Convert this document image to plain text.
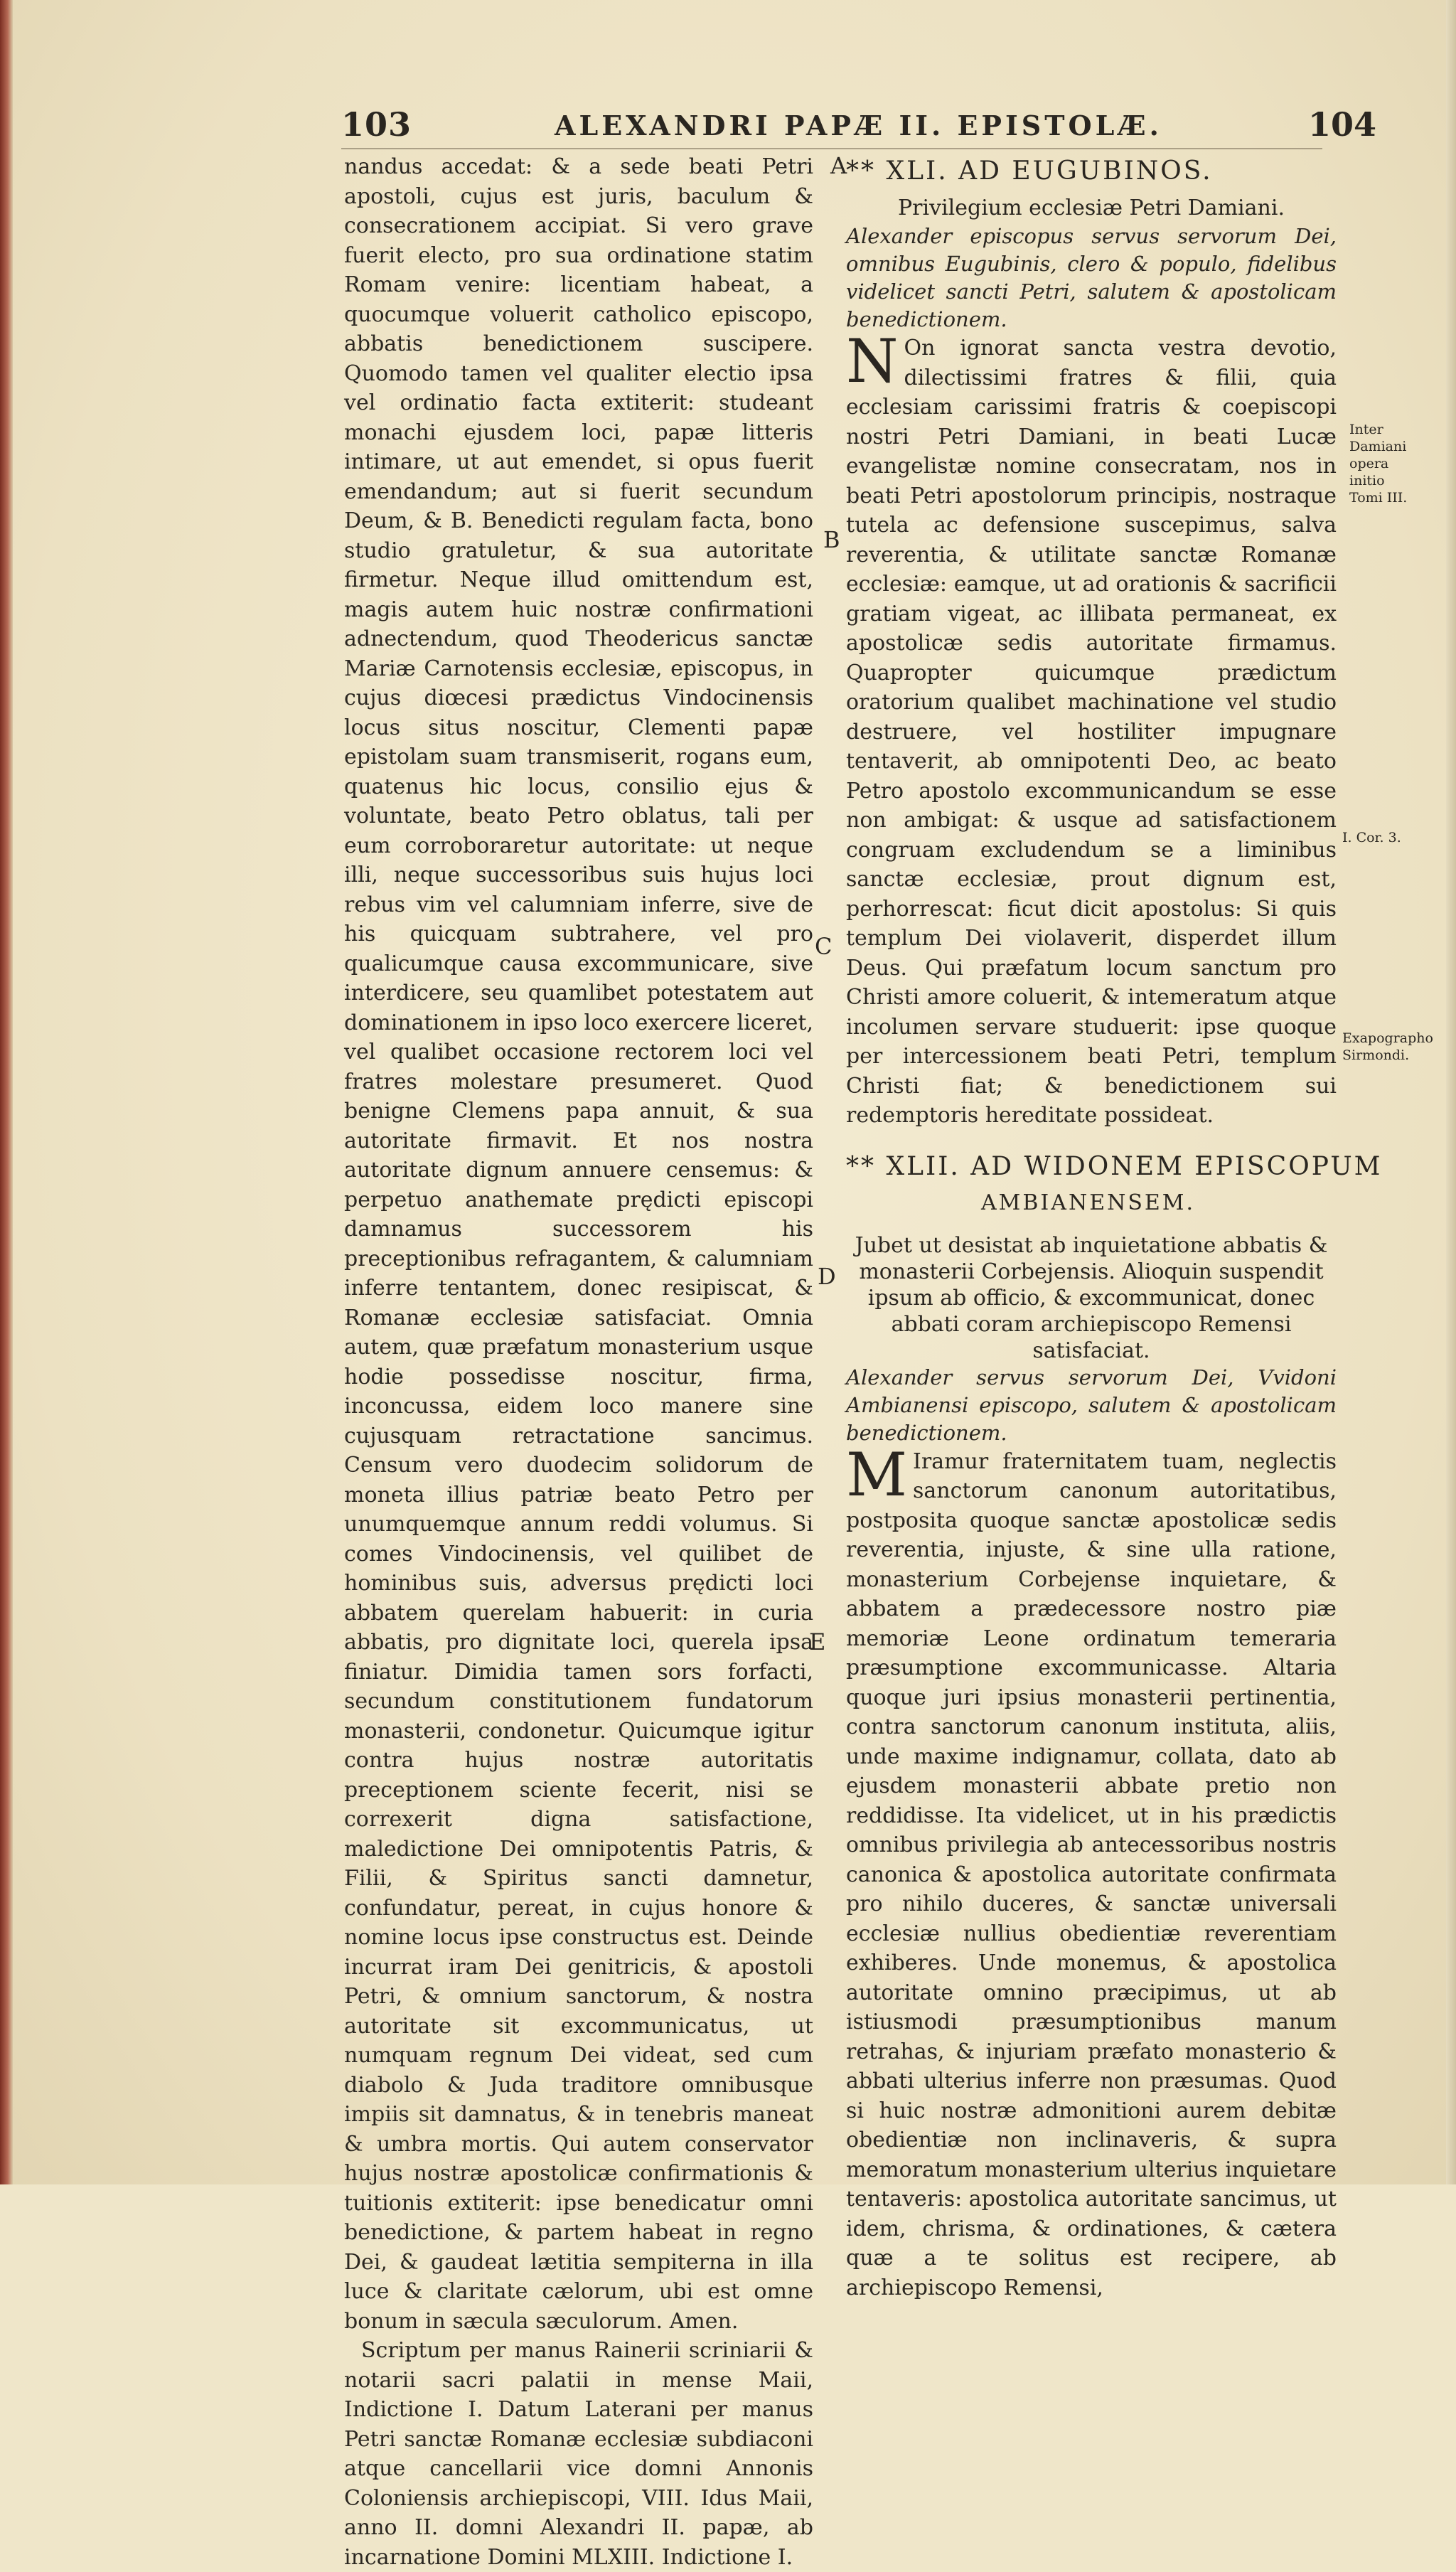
103	ALEXANDRI PAPÆ II. EPISTOLÆ.	104

nandus accedat: & a sede beati Petri apostoli, cujus est juris, baculum & consecrationem accipiat. Si vero grave fuerit electo, pro sua ordinatione statim Romam venire: licentiam habeat, a quocumque voluerit catholico episcopo, abbatis benedictionem suscipere. Quomodo tamen vel qualiter electio ipsa vel ordinatio facta extiterit: studeant monachi ejusdem loci, papæ litteris intimare, ut aut emendet, si opus fuerit emendandum; aut si fuerit secundum Deum, & B. Benedicti regulam facta, bono studio gratuletur, & sua autoritate firmetur. Neque illud omittendum est, magis autem huic nostræ confirmationi adnectendum, quod Theodericus sanctæ Mariæ Carnotensis ecclesiæ, episcopus, in cujus diœcesi prædictus Vindocinensis locus situs noscitur, Clementi papæ epistolam suam transmiserit, rogans eum, quatenus hic locus, consilio ejus & voluntate, beato Petro oblatus, tali per eum corroboraretur autoritate: ut neque illi, neque successoribus suis hujus loci rebus vim vel calumniam inferre, sive de his quicquam subtrahere, vel pro qualicumque causa excommunicare, sive interdicere, seu quamlibet potestatem aut dominationem in ipso loco exercere liceret, vel qualibet occasione rectorem loci vel fratres molestare presumeret. Quod benigne Clemens papa annuit, & sua autoritate firmavit. Et nos nostra autoritate dignum annuere censemus: & perpetuo anathemate prędicti episcopi damnamus successorem his preceptionibus refragantem, & calumniam inferre tentantem, donec resipiscat, & Romanæ ecclesiæ satisfaciat. Omnia autem, quæ præfatum monasterium usque hodie possedisse noscitur, firma, inconcussa, eidem loco manere sine cujusquam retractatione sancimus. Censum vero duodecim solidorum de moneta illius patriæ beato Petro per unumquemque annum reddi volumus. Si comes Vindocinensis, vel quilibet de hominibus suis, adversus prędicti loci abbatem querelam habuerit: in curia abbatis, pro dignitate loci, querela ipsa finiatur. Dimidia tamen sors forfacti, secundum constitutionem fundatorum monasterii, condonetur. Quicumque igitur contra hujus nostræ autoritatis preceptionem sciente fecerit, nisi se correxerit digna satisfactione, maledictione Dei omnipotentis Patris, & Filii, & Spiritus sancti damnetur, confundatur, pereat, in cujus honore & nomine locus ipse constructus est. Deinde incurrat iram Dei genitricis, & apostoli Petri, & omnium sanctorum, & nostra autoritate sit excommunicatus, ut numquam regnum Dei videat, sed cum diabolo & Juda traditore omnibusque impiis sit damnatus, & in tenebris maneat & umbra mortis. Qui autem conservator hujus nostræ apostolicæ confirmationis & tuitionis extiterit: ipse benedicatur omni benedictione, & partem habeat in regno Dei, & gaudeat lætitia sempiterna in illa luce & claritate cælorum, ubi est omne bonum in sæcula sæculorum. Amen.

Scriptum per manus Rainerii scriniarii & notarii sacri palatii in mense Maii, Indictione I. Datum Laterani per manus Petri sanctæ Romanæ ecclesiæ subdiaconi atque cancellarii vice domni Annonis Coloniensis archiepiscopi, VIII. Idus Maii, anno II. domni Alexandri II. papæ, ab incarnatione Domini MLXIII. Indictione I.

A
B
C
D
E
** XLI. AD EUGUBINOS.

Privilegium ecclesiæ Petri Damiani.

Alexander episcopus servus servorum Dei, omnibus Eugubinis, clero & populo, fidelibus videlicet sancti Petri, salutem & apostolicam benedictionem.

N On ignorat sancta vestra devotio, dilectissimi fratres & filii, quia ecclesiam carissimi fratris & coepiscopi nostri Petri Damiani, in beati Lucæ evangelistæ nomine consecratam, nos in beati Petri apostolorum principis, nostraque tutela ac defensione suscepimus, salva reverentia, & utilitate sanctæ Romanæ ecclesiæ: eamque, ut ad orationis & sacrificii gratiam vigeat, ac illibata permaneat, ex apostolicæ sedis autoritate firmamus. Quapropter quicumque prædictum oratorium qualibet machinatione vel studio destruere, vel hostiliter impugnare tentaverit, ab omnipotenti Deo, ac beato Petro apostolo excommunicandum se esse non ambigat: & usque ad satisfactionem congruam excludendum se a liminibus sanctæ ecclesiæ, prout dignum est, perhorrescat: ficut dicit apostolus: Si quis templum Dei violaverit, disperdet illum Deus. Qui præfatum locum sanctum pro Christi amore coluerit, & intemeratum atque incolumen servare studuerit: ipse quoque per intercessionem beati Petri, templum Christi fiat; & benedictionem sui redemptoris hereditate possideat.

** XLII. AD WIDONEM EPISCOPUM
AMBIANENSEM.

Jubet ut desistat ab inquietatione abbatis & monasterii Corbejensis. Alioquin suspendit ipsum ab officio, & excommunicat, donec abbati coram archiepiscopo Remensi satisfaciat.

Alexander servus servorum Dei, Vvidoni Ambianensi episcopo, salutem & apostolicam benedictionem.

M Iramur fraternitatem tuam, neglectis sanctorum canonum autoritatibus, postposita quoque sanctæ apostolicæ sedis reverentia, injuste, & sine ulla ratione, monasterium Corbejense inquietare, & abbatem a prædecessore nostro piæ memoriæ Leone ordinatum temeraria præsumptione excommunicasse. Altaria quoque juri ipsius monasterii pertinentia, contra sanctorum canonum instituta, aliis, unde maxime indignamur, collata, dato ab ejusdem monasterii abbate pretio non reddidisse. Ita videlicet, ut in his prædictis omnibus privilegia ab antecessoribus nostris canonica & apostolica autoritate confirmata pro nihilo duceres, & sanctæ universali ecclesiæ nullius obedientiæ reverentiam exhiberes. Unde monemus, & apostolica autoritate omnino præcipimus, ut ab istiusmodi præsumptionibus manum retrahas, & injuriam præfato monasterio & abbati ulterius inferre non præsumas. Quod si huic nostræ admonitioni aurem debitæ obedientiæ non inclinaveris, & supra memoratum monasterium ulterius inquietare tentaveris: apostolica autoritate sancimus, ut idem, chrisma, & ordinationes, & cætera quæ a te solitus est recipere, ab archiepiscopo Remensi,

Inter Damiani opera initio Tomi III.
I. Cor. 3.
Exapographo Sirmondi.
